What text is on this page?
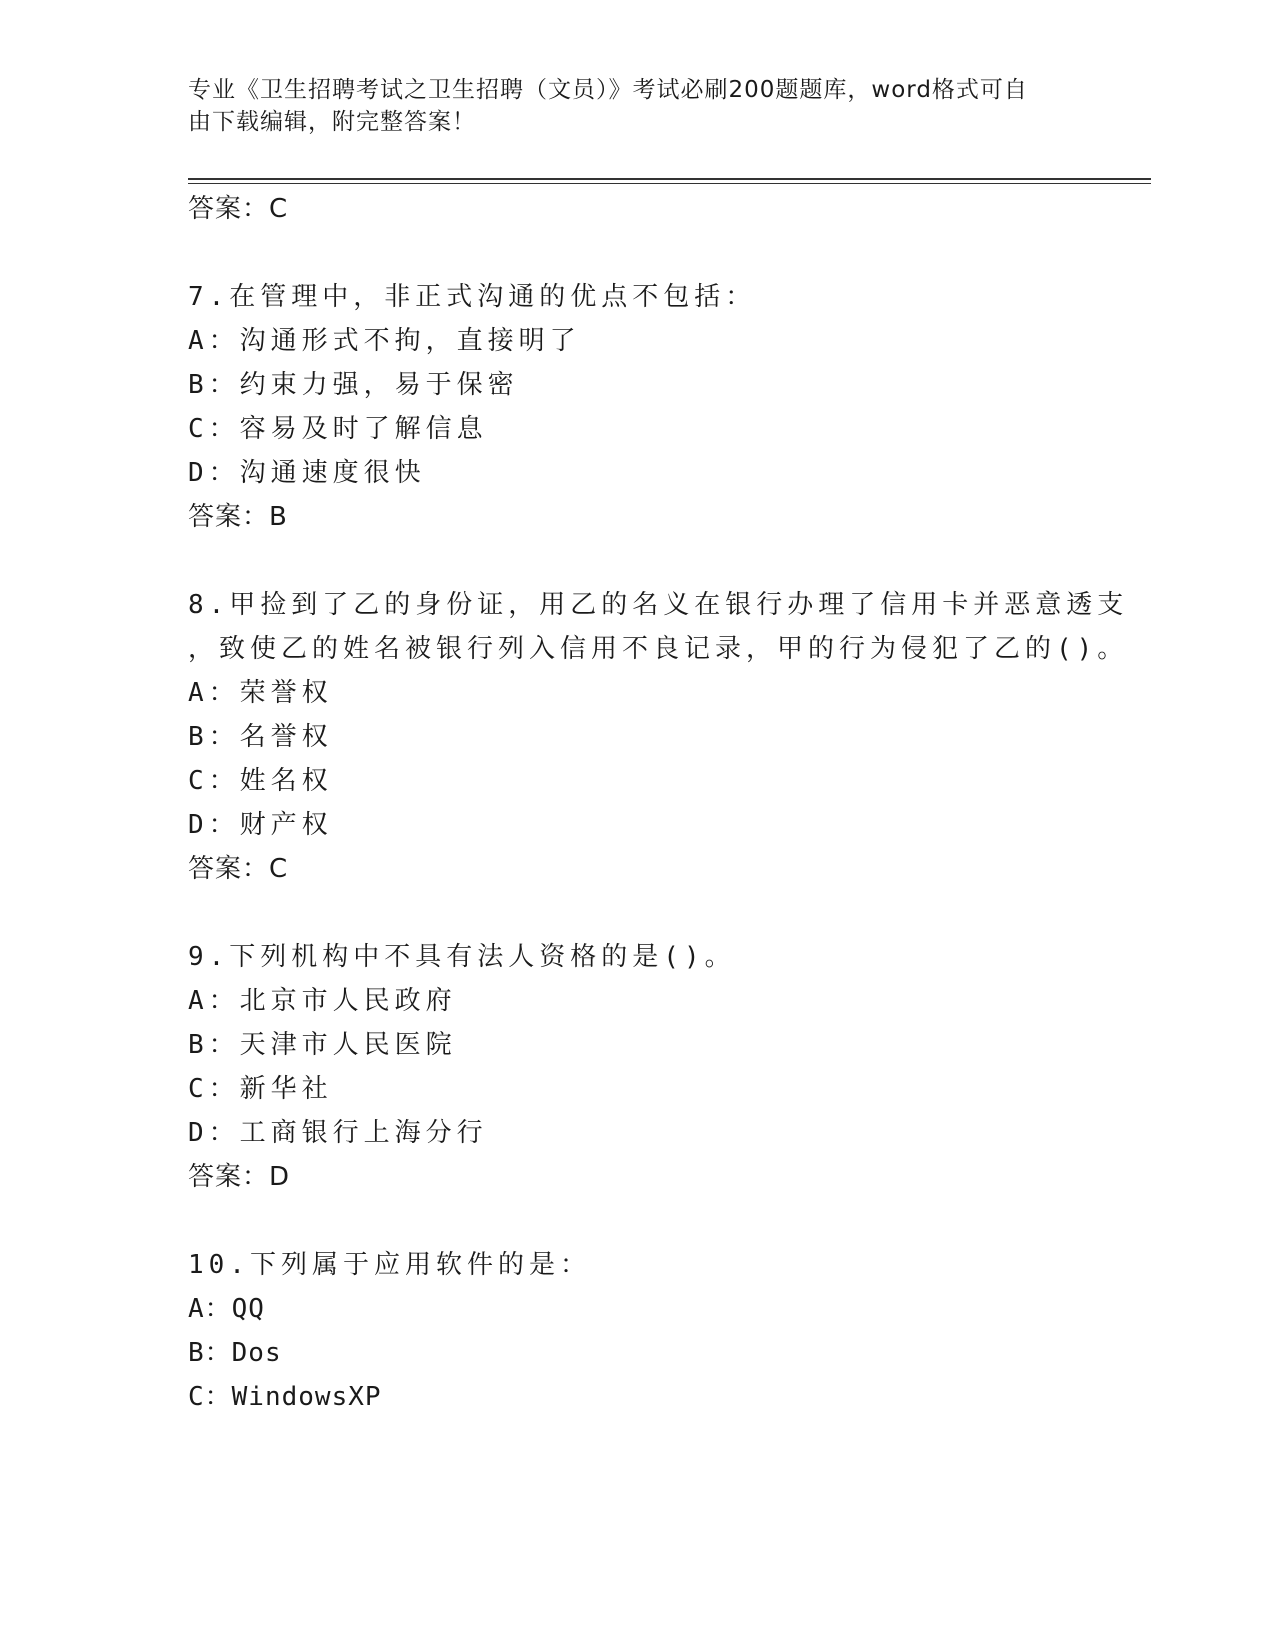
专业《卫生招聘考试之卫生招聘（文员）》考试必刷200题题库，word格式可自
由下载编辑，附完整答案！
答案：C
7.在管理中，非正式沟通的优点不包括：
A：沟通形式不拘，直接明了
B：约束力强，易于保密
C：容易及时了解信息
D：沟通速度很快
答案：B
8.甲捡到了乙的身份证，用乙的名义在银行办理了信用卡并恶意透支
，致使乙的姓名被银行列入信用不良记录，甲的行为侵犯了乙的()。
A：荣誉权
B：名誉权
C：姓名权
D：财产权
答案：C
9.下列机构中不具有法人资格的是()。
A：北京市人民政府
B：天津市人民医院
C：新华社
D：工商银行上海分行
答案：D
10.下列属于应用软件的是：
A：QQ
B：Dos
C：WindowsXP
